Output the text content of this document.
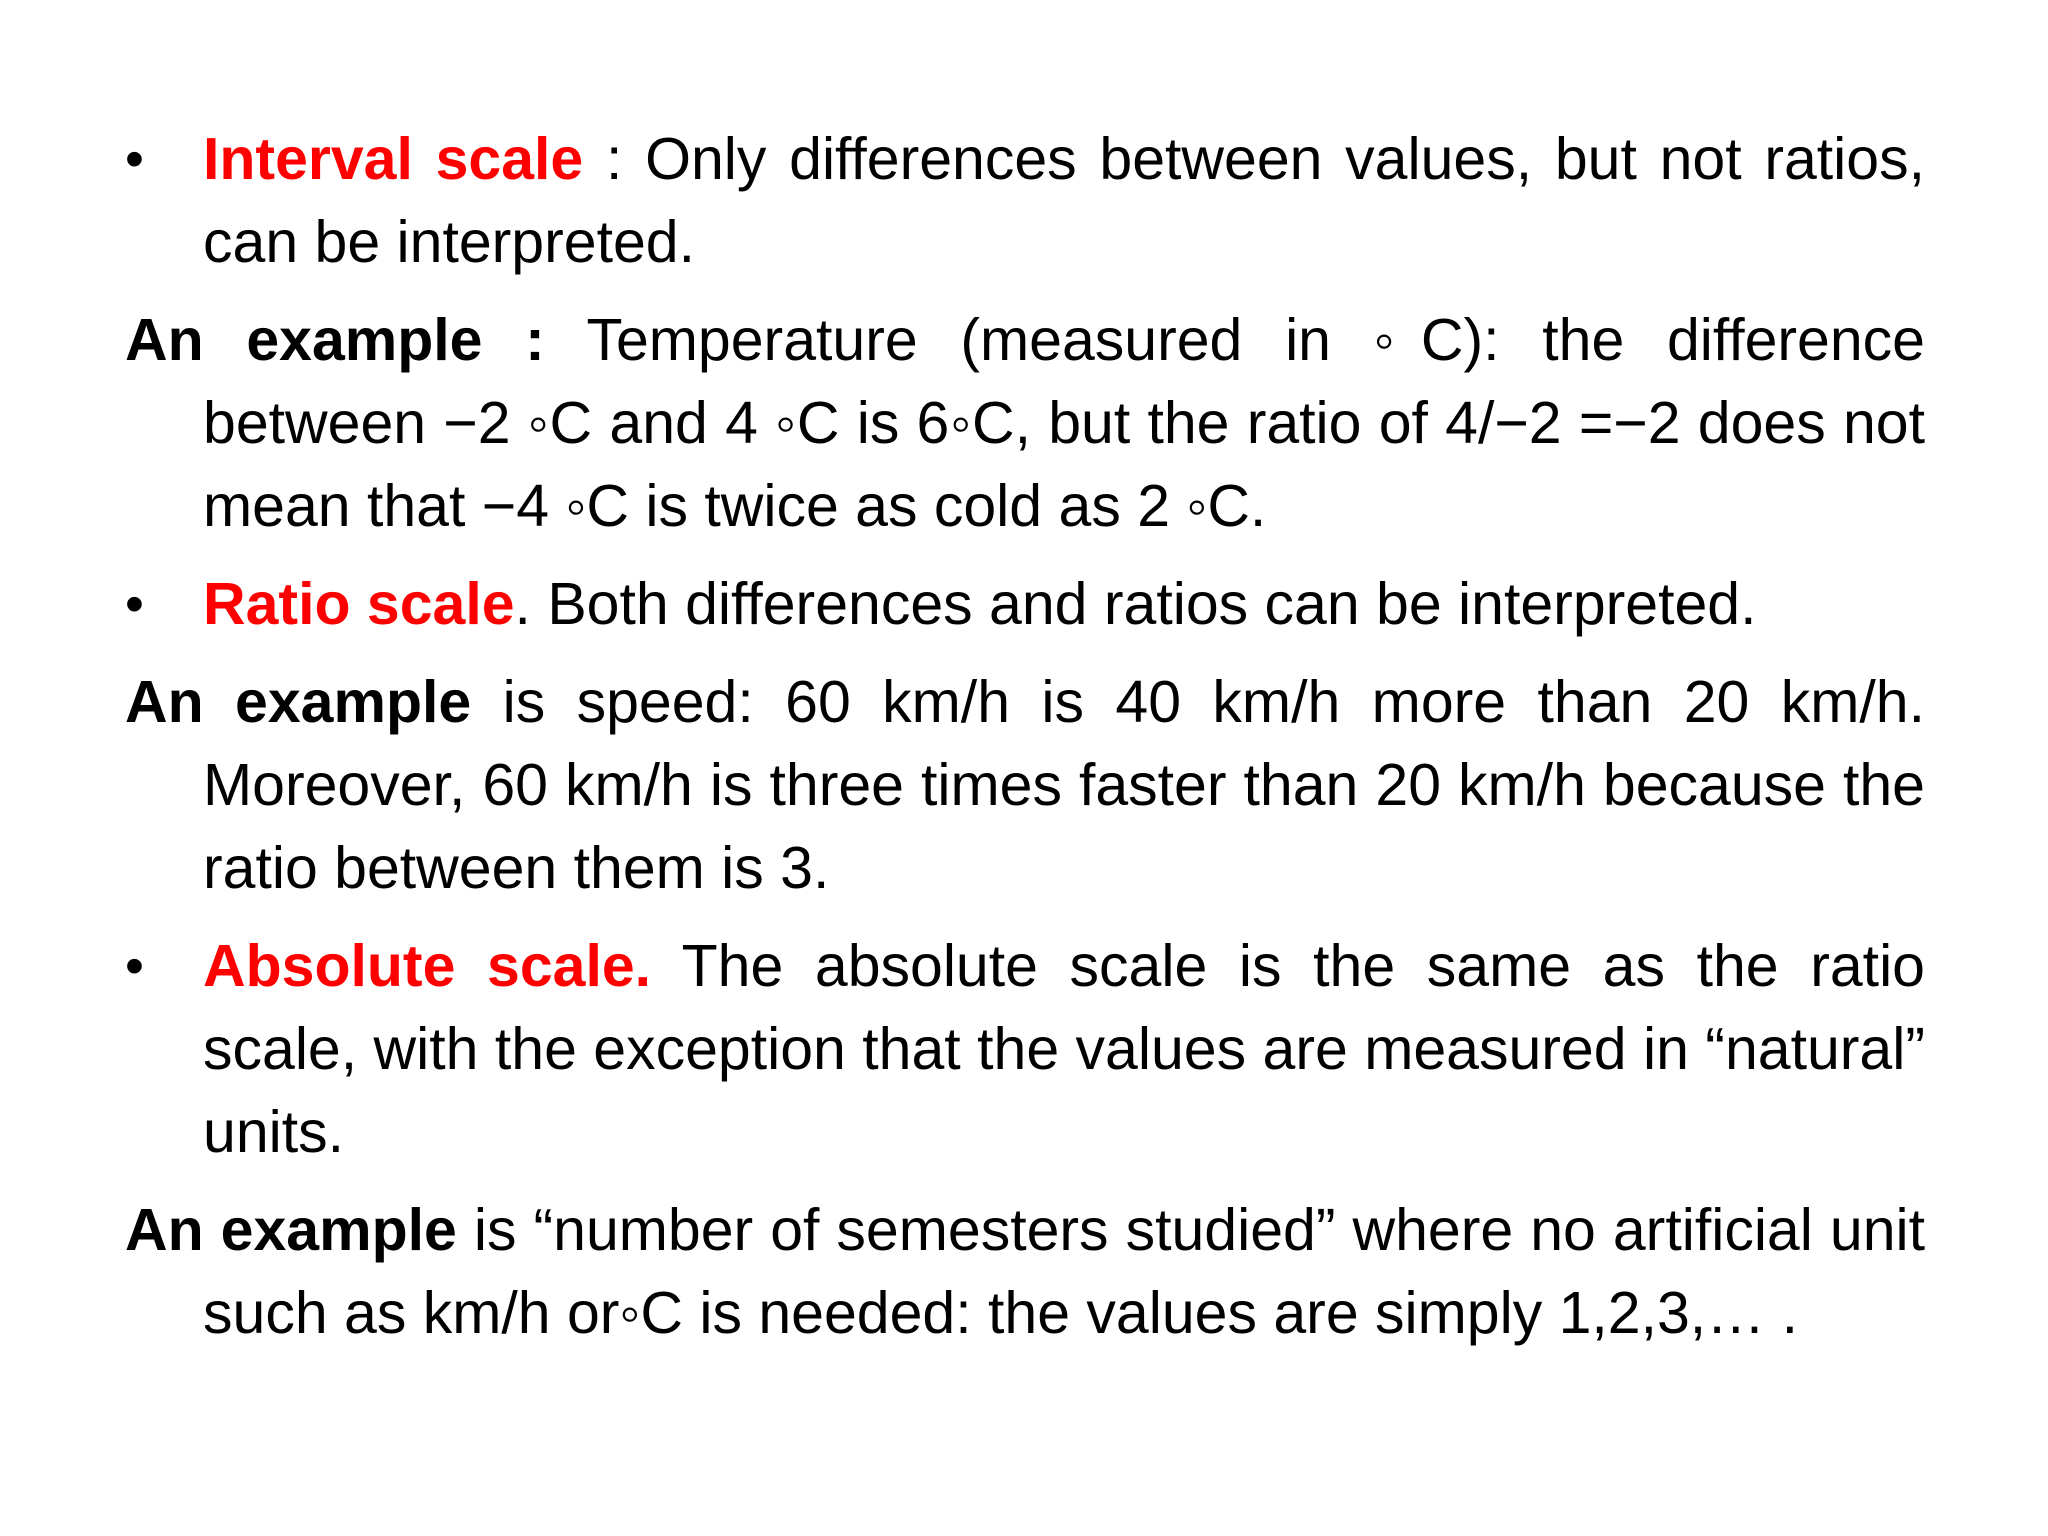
•	Interval scale : Only differences between values, but not ratios, can be interpreted.

An example : Temperature (measured in ◦C): the difference between −2 ◦C and 4 ◦C is 6◦C, but the ratio of 4/−2 =−2 does not mean that −4 ◦C is twice as cold as 2 ◦C.

•	Ratio scale. Both differences and ratios can be interpreted.

An example is speed: 60 km/h is 40 km/h more than 20 km/h. Moreover, 60 km/h is three times faster than 20 km/h because the ratio between them is 3.

•	Absolute scale. The absolute scale is the same as the ratio scale, with the exception that the values are measured in “natural” units.

An example is “number of semesters studied” where no artificial unit such as km/h or◦C is needed: the values are simply 1,2,3,… .
